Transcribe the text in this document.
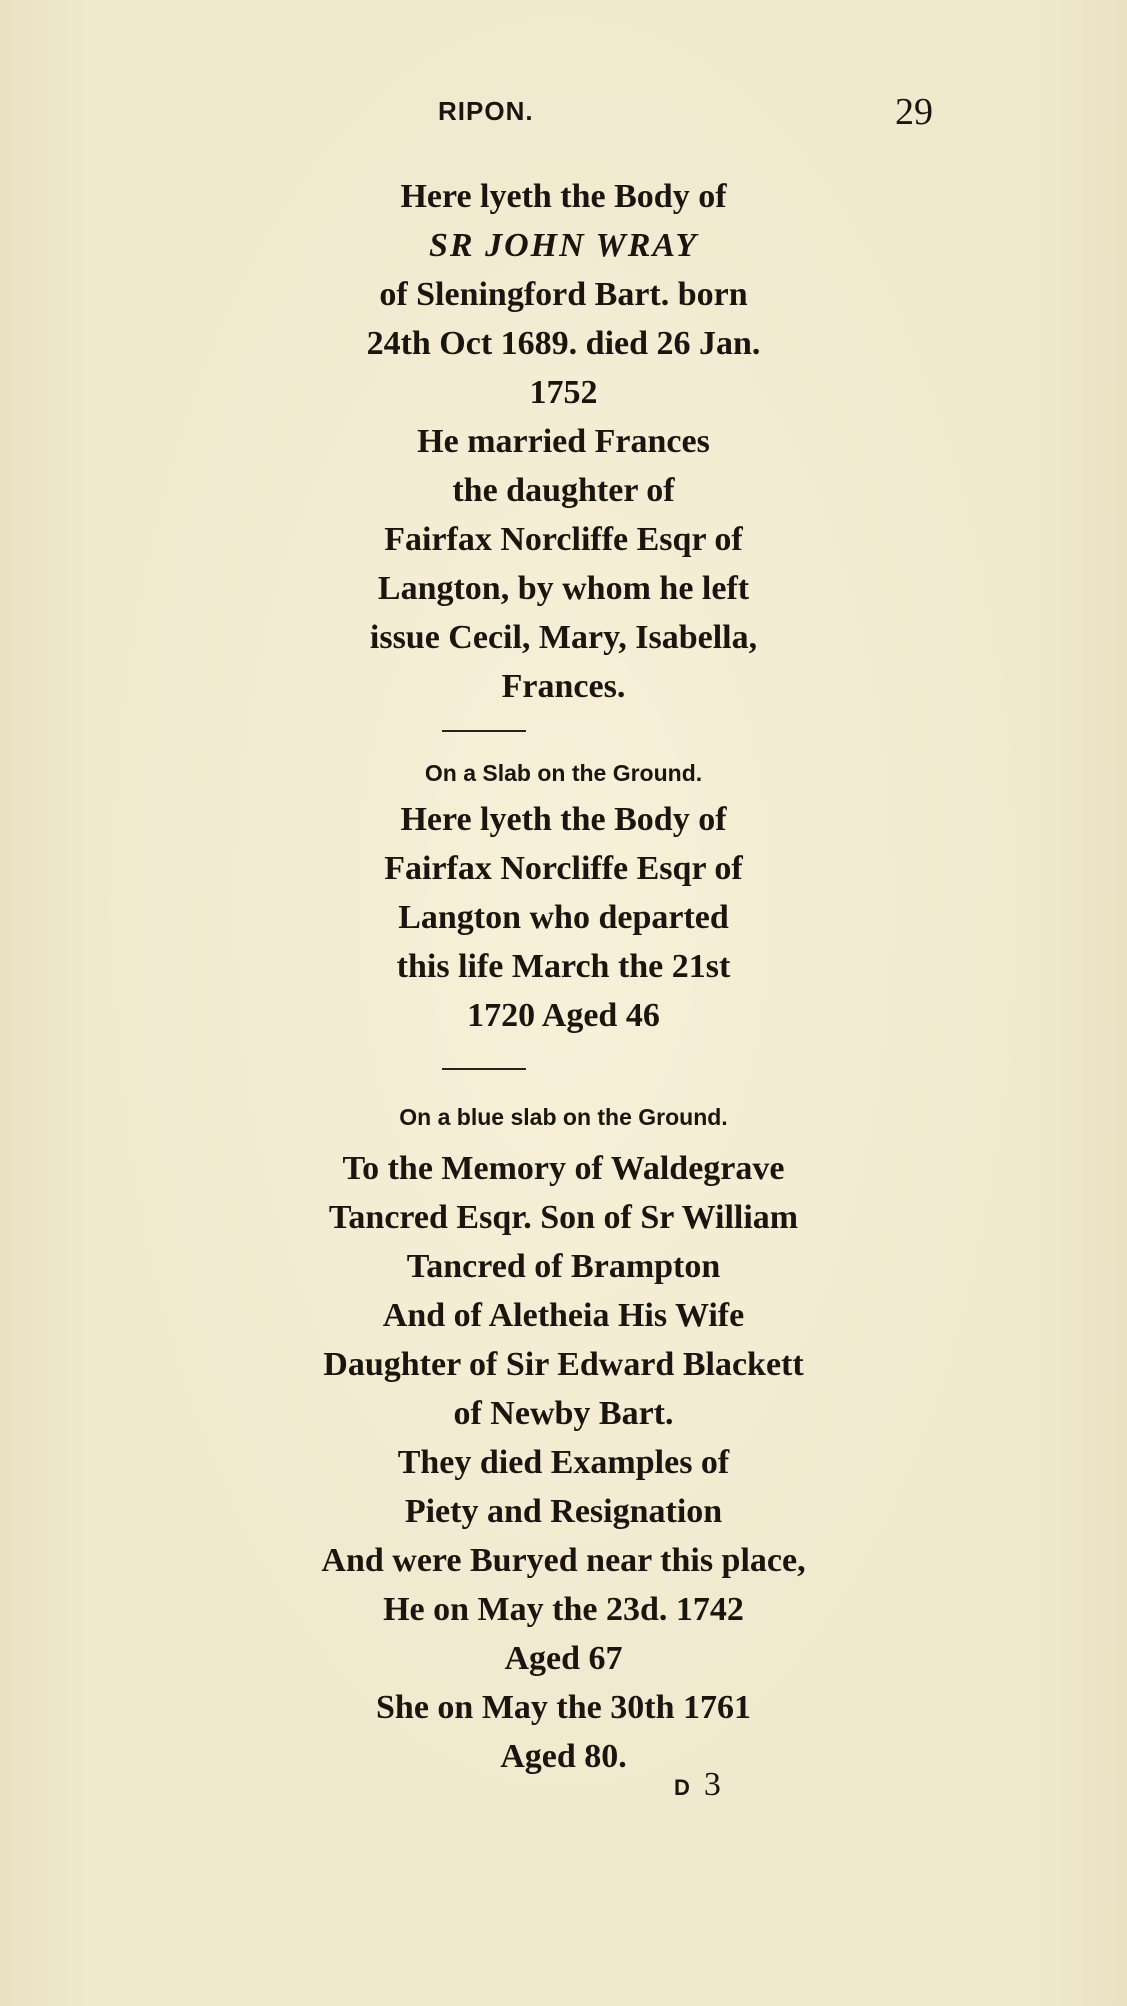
RIPON.	29
Here lyeth the Body of
SR JOHN WRAY
of Sleningford Bart. born
24th Oct 1689. died 26 Jan.
1752
He married Frances
the daughter of
Fairfax Norcliffe Esqr of
Langton, by whom he left
issue Cecil, Mary, Isabella,
Frances.
On a Slab on the Ground.
Here lyeth the Body of
Fairfax Norcliffe Esqr of
Langton who departed
this life March the 21st
1720 Aged 46
On a blue slab on the Ground.
To the Memory of Waldegrave
Tancred Esqr. Son of Sr William
Tancred of Brampton
And of Aletheia His Wife
Daughter of Sir Edward Blackett
of Newby Bart.
They died Examples of
Piety and Resignation
And were Buryed near this place,
He on May the 23d. 1742
Aged 67
She on May the 30th 1761
Aged 80.
D 3
